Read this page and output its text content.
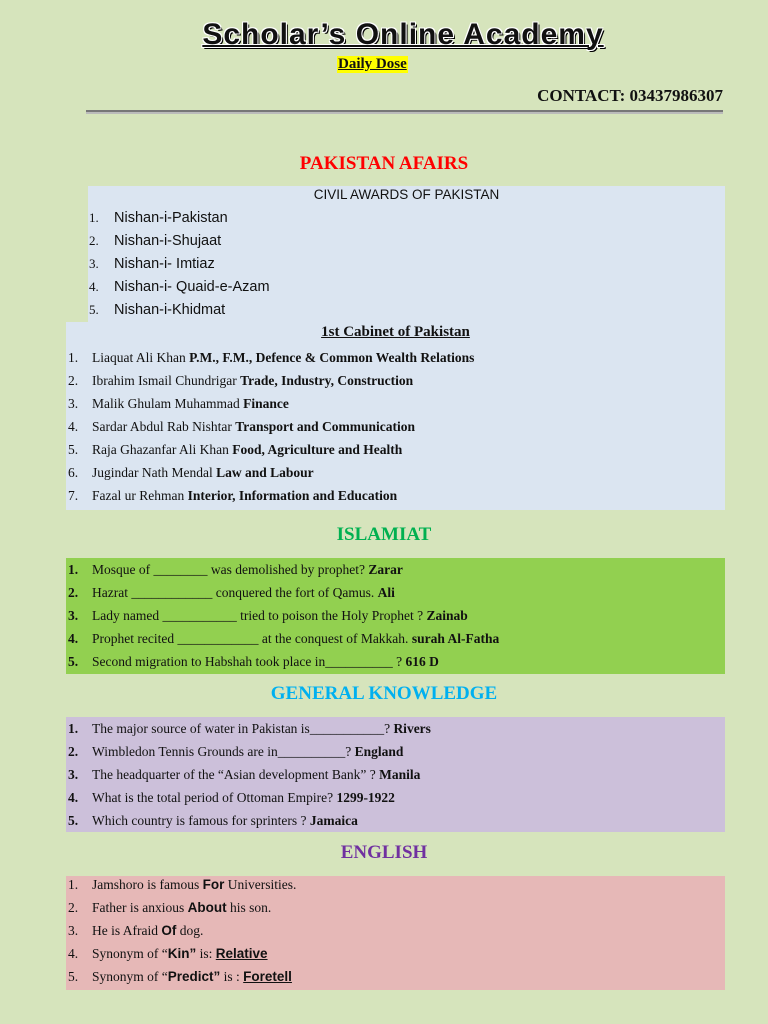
Scholar’s Online Academy
Daily Dose
CONTACT: 03437986307
PAKISTAN AFAIRS
CIVIL AWARDS OF PAKISTAN
1. Nishan-i-Pakistan
2. Nishan-i-Shujaat
3. Nishan-i- Imtiaz
4. Nishan-i- Quaid-e-Azam
5. Nishan-i-Khidmat
1st Cabinet of Pakistan
1. Liaquat Ali Khan P.M., F.M., Defence & Common Wealth Relations
2. Ibrahim Ismail Chundrigar Trade, Industry, Construction
3. Malik Ghulam Muhammad Finance
4. Sardar Abdul Rab Nishtar Transport and Communication
5. Raja Ghazanfar Ali Khan Food, Agriculture and Health
6. Jugindar Nath Mendal Law and Labour
7. Fazal ur Rehman Interior, Information and Education
ISLAMIAT
1. Mosque of ________ was demolished by prophet? Zarar
2. Hazrat ____________ conquered the fort of Qamus. Ali
3. Lady named ___________ tried to poison the Holy Prophet ? Zainab
4. Prophet recited ____________ at the conquest of Makkah. surah Al-Fatha
5. Second migration to Habshah took place in__________ ? 616 D
GENERAL KNOWLEDGE
1. The major source of water in Pakistan is___________? Rivers
2. Wimbledon Tennis Grounds are in__________? England
3. The headquarter of the “Asian development Bank” ? Manila
4. What is the total period of Ottoman Empire? 1299-1922
5. Which country is famous for sprinters ? Jamaica
ENGLISH
1. Jamshoro is famous For Universities.
2. Father is anxious About his son.
3. He is Afraid Of dog.
4. Synonym of “Kin” is: Relative
5. Synonym of “Predict” is : Foretell
